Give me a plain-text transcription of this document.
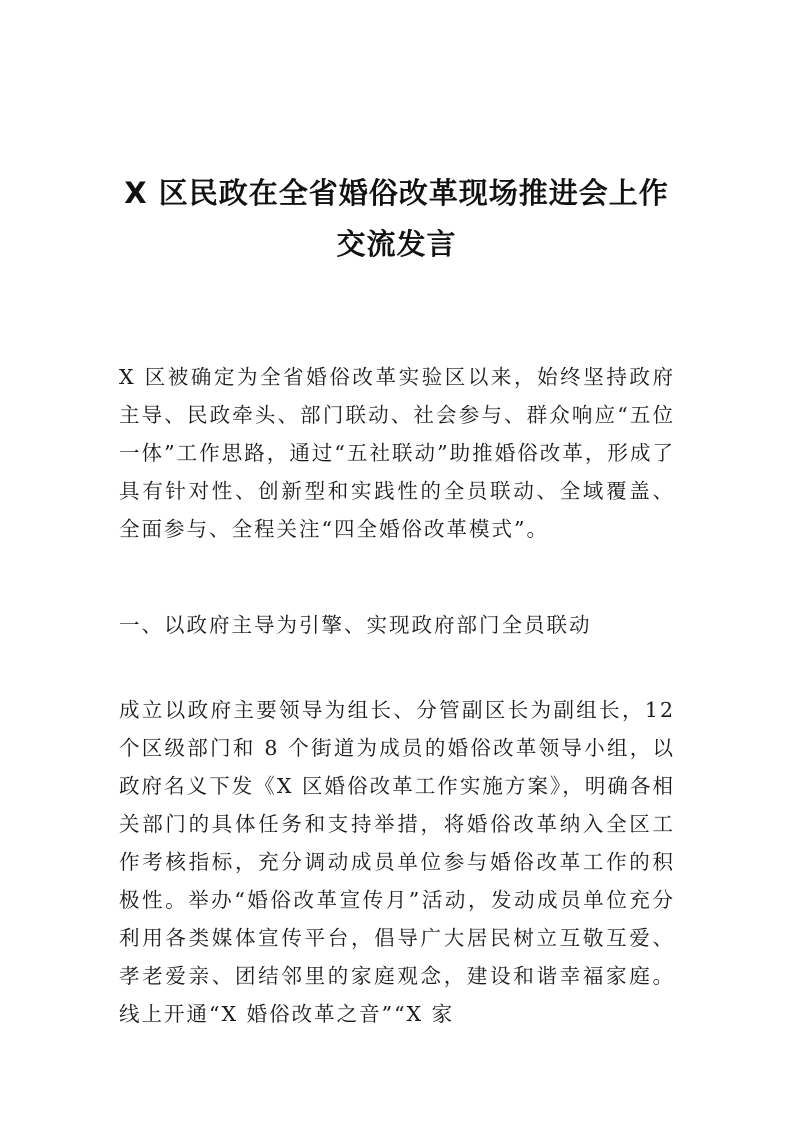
X 区民政在全省婚俗改革现场推进会上作交流发言

X 区被确定为全省婚俗改革实验区以来，始终坚持政府主导、民政牵头、部门联动、社会参与、群众响应“五位一体”工作思路，通过“五社联动”助推婚俗改革，形成了具有针对性、创新型和实践性的全员联动、全域覆盖、全面参与、全程关注“四全婚俗改革模式”。

一、以政府主导为引擎、实现政府部门全员联动

成立以政府主要领导为组长、分管副区长为副组长，12 个区级部门和 8 个街道为成员的婚俗改革领导小组，以政府名义下发《X 区婚俗改革工作实施方案》，明确各相关部门的具体任务和支持举措，将婚俗改革纳入全区工作考核指标，充分调动成员单位参与婚俗改革工作的积极性。举办“婚俗改革宣传月”活动，发动成员单位充分利用各类媒体宣传平台，倡导广大居民树立互敬互爱、孝老爱亲、团结邻里的家庭观念，建设和谐幸福家庭。线上开通“X 婚俗改革之音”“X 家
